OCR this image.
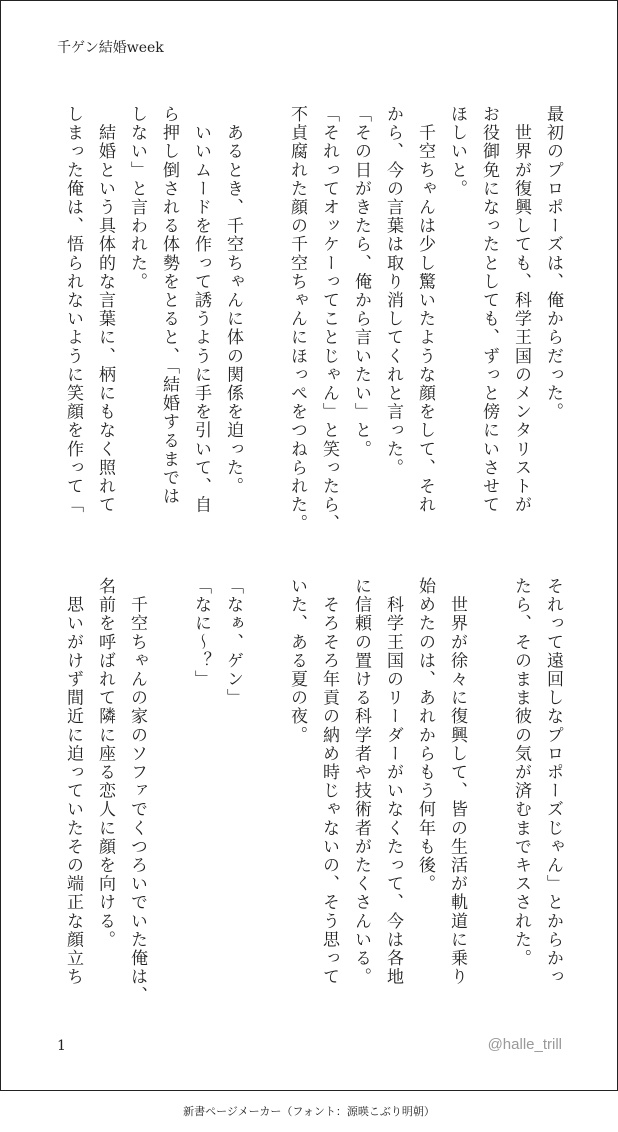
千ゲン結婚week
最初のプロポーズは、俺からだった。
　世界が復興しても、科学王国のメンタリストが
お役御免になったとしても、ずっと傍にいさせて
ほしいと。
　千空ちゃんは少し驚いたような顔をして、それ
から、今の言葉は取り消してくれと言った。
「その日がきたら、俺から言いたい」と。
「それってオッケーってことじゃん」と笑ったら、
不貞腐れた顔の千空ちゃんにほっぺをつねられた。
　あるとき、千空ちゃんに体の関係を迫った。
　いいムードを作って誘うように手を引いて、自
ら押し倒される体勢をとると、「結婚するまでは
しない」と言われた。
　結婚という具体的な言葉に、柄にもなく照れて
しまった俺は、悟られないように笑顔を作って「
それって遠回しなプロポーズじゃん」とからかっ
たら、そのまま彼の気が済むまでキスされた。
　世界が徐々に復興して、皆の生活が軌道に乗り
始めたのは、あれからもう何年も後。
　科学王国のリーダーがいなくたって、今は各地
に信頼の置ける科学者や技術者がたくさんいる。
　そろそろ年貢の納め時じゃないの、そう思って
いた、ある夏の夜。
「なぁ、ゲン」
「なに〜？」
　千空ちゃんの家のソファでくつろいでいた俺は、
名前を呼ばれて隣に座る恋人に顔を向ける。
　思いがけず間近に迫っていたその端正な顔立ち
1	@halle_trill
新書ページメーカー（フォント：源暎こぶり明朝）
